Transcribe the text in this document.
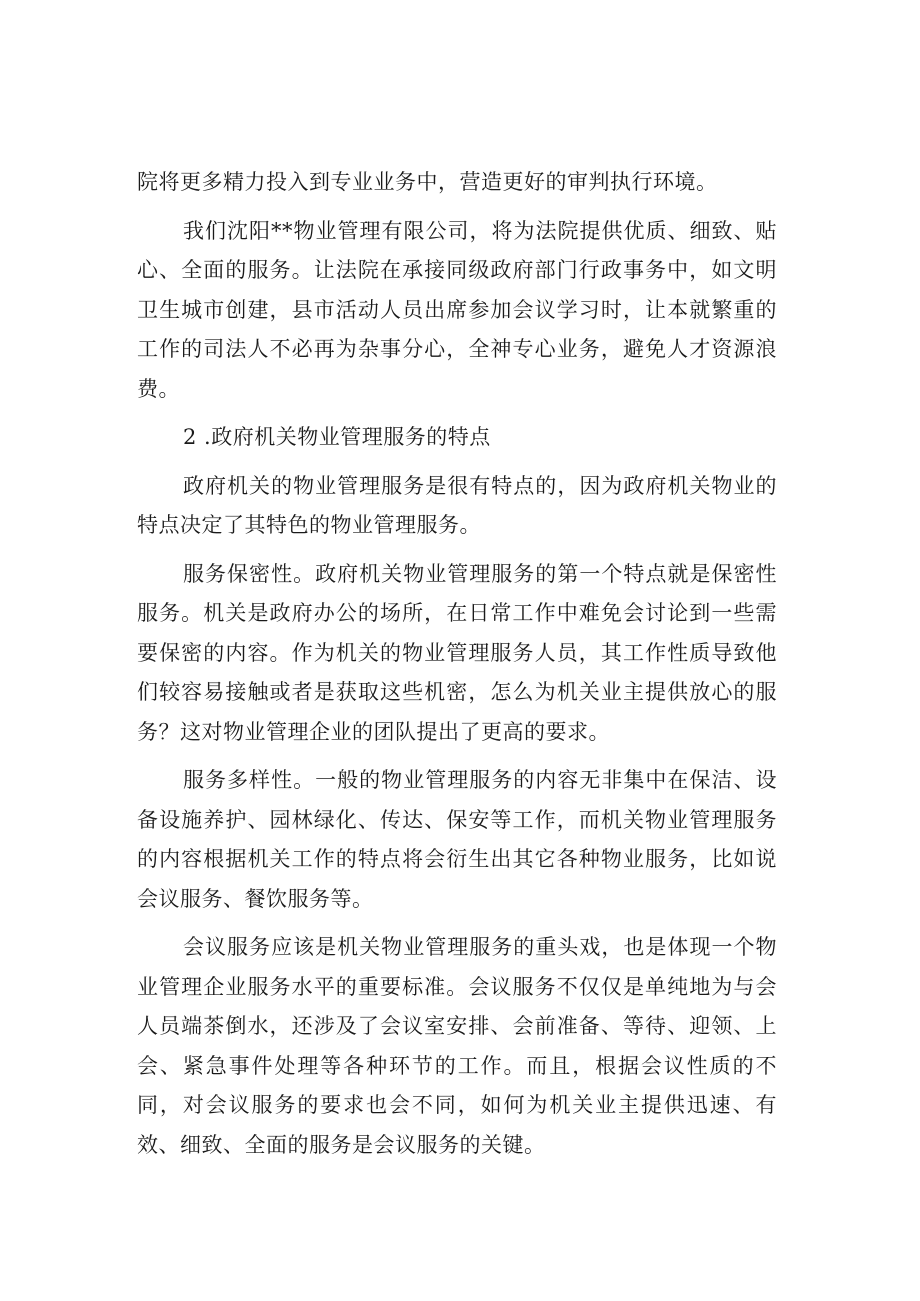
院将更多精力投入到专业业务中，营造更好的审判执行环境。

我们沈阳**物业管理有限公司，将为法院提供优质、细致、贴心、全面的服务。让法院在承接同级政府部门行政事务中，如文明卫生城市创建，县市活动人员出席参加会议学习时，让本就繁重的工作的司法人不必再为杂事分心，全神专心业务，避免人才资源浪费。

2 .政府机关物业管理服务的特点

政府机关的物业管理服务是很有特点的，因为政府机关物业的特点决定了其特色的物业管理服务。

服务保密性。政府机关物业管理服务的第一个特点就是保密性服务。机关是政府办公的场所，在日常工作中难免会讨论到一些需要保密的内容。作为机关的物业管理服务人员，其工作性质导致他们较容易接触或者是获取这些机密，怎么为机关业主提供放心的服务？这对物业管理企业的团队提出了更高的要求。

服务多样性。一般的物业管理服务的内容无非集中在保洁、设备设施养护、园林绿化、传达、保安等工作，而机关物业管理服务的内容根据机关工作的特点将会衍生出其它各种物业服务，比如说会议服务、餐饮服务等。

会议服务应该是机关物业管理服务的重头戏，也是体现一个物业管理企业服务水平的重要标准。会议服务不仅仅是单纯地为与会人员端茶倒水，还涉及了会议室安排、会前准备、等待、迎领、上会、紧急事件处理等各种环节的工作。而且，根据会议性质的不同，对会议服务的要求也会不同，如何为机关业主提供迅速、有效、细致、全面的服务是会议服务的关键。
